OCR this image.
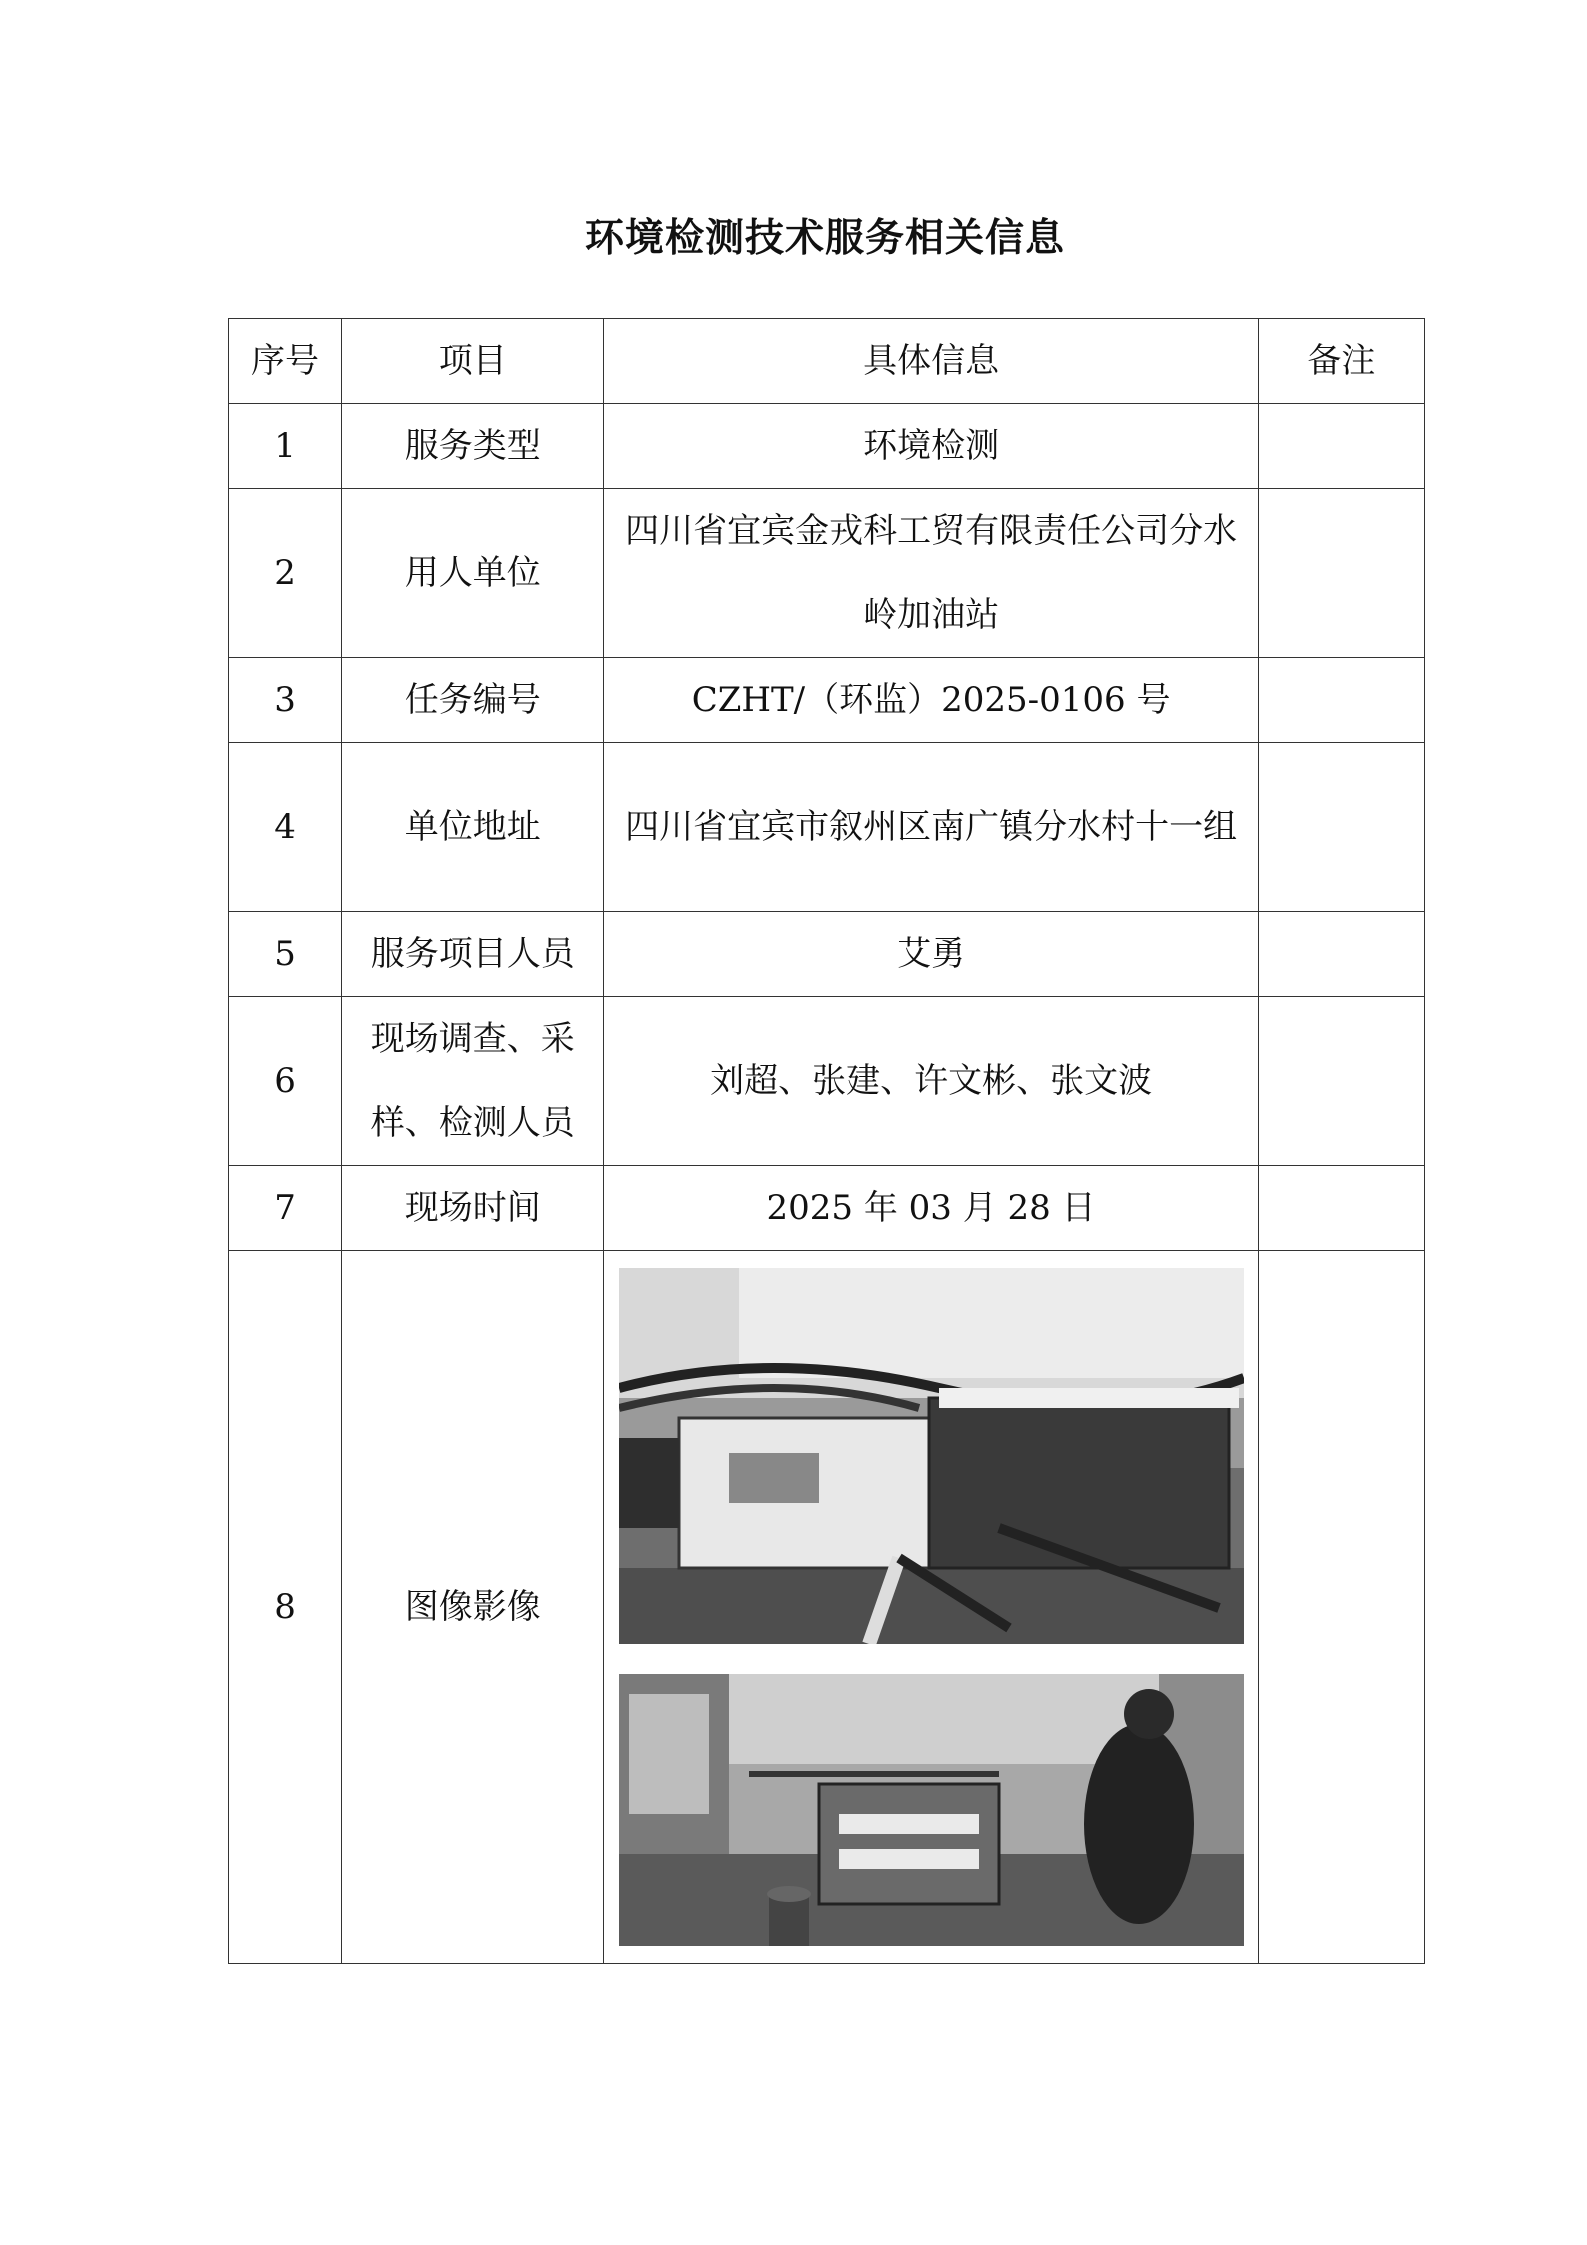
环境检测技术服务相关信息
序号	项目	具体信息	备注
1	服务类型	环境检测	
2	用人单位	四川省宜宾金戎科工贸有限责任公司分水岭加油站	
3	任务编号	CZHT/（环监）2025-0106 号	
4	单位地址	四川省宜宾市叙州区南广镇分水村十一组	
5	服务项目人员	艾勇	
6	现场调查、采样、检测人员	刘超、张建、许文彬、张文波	
7	现场时间	2025 年 03 月 28 日	
8	图像影像	
